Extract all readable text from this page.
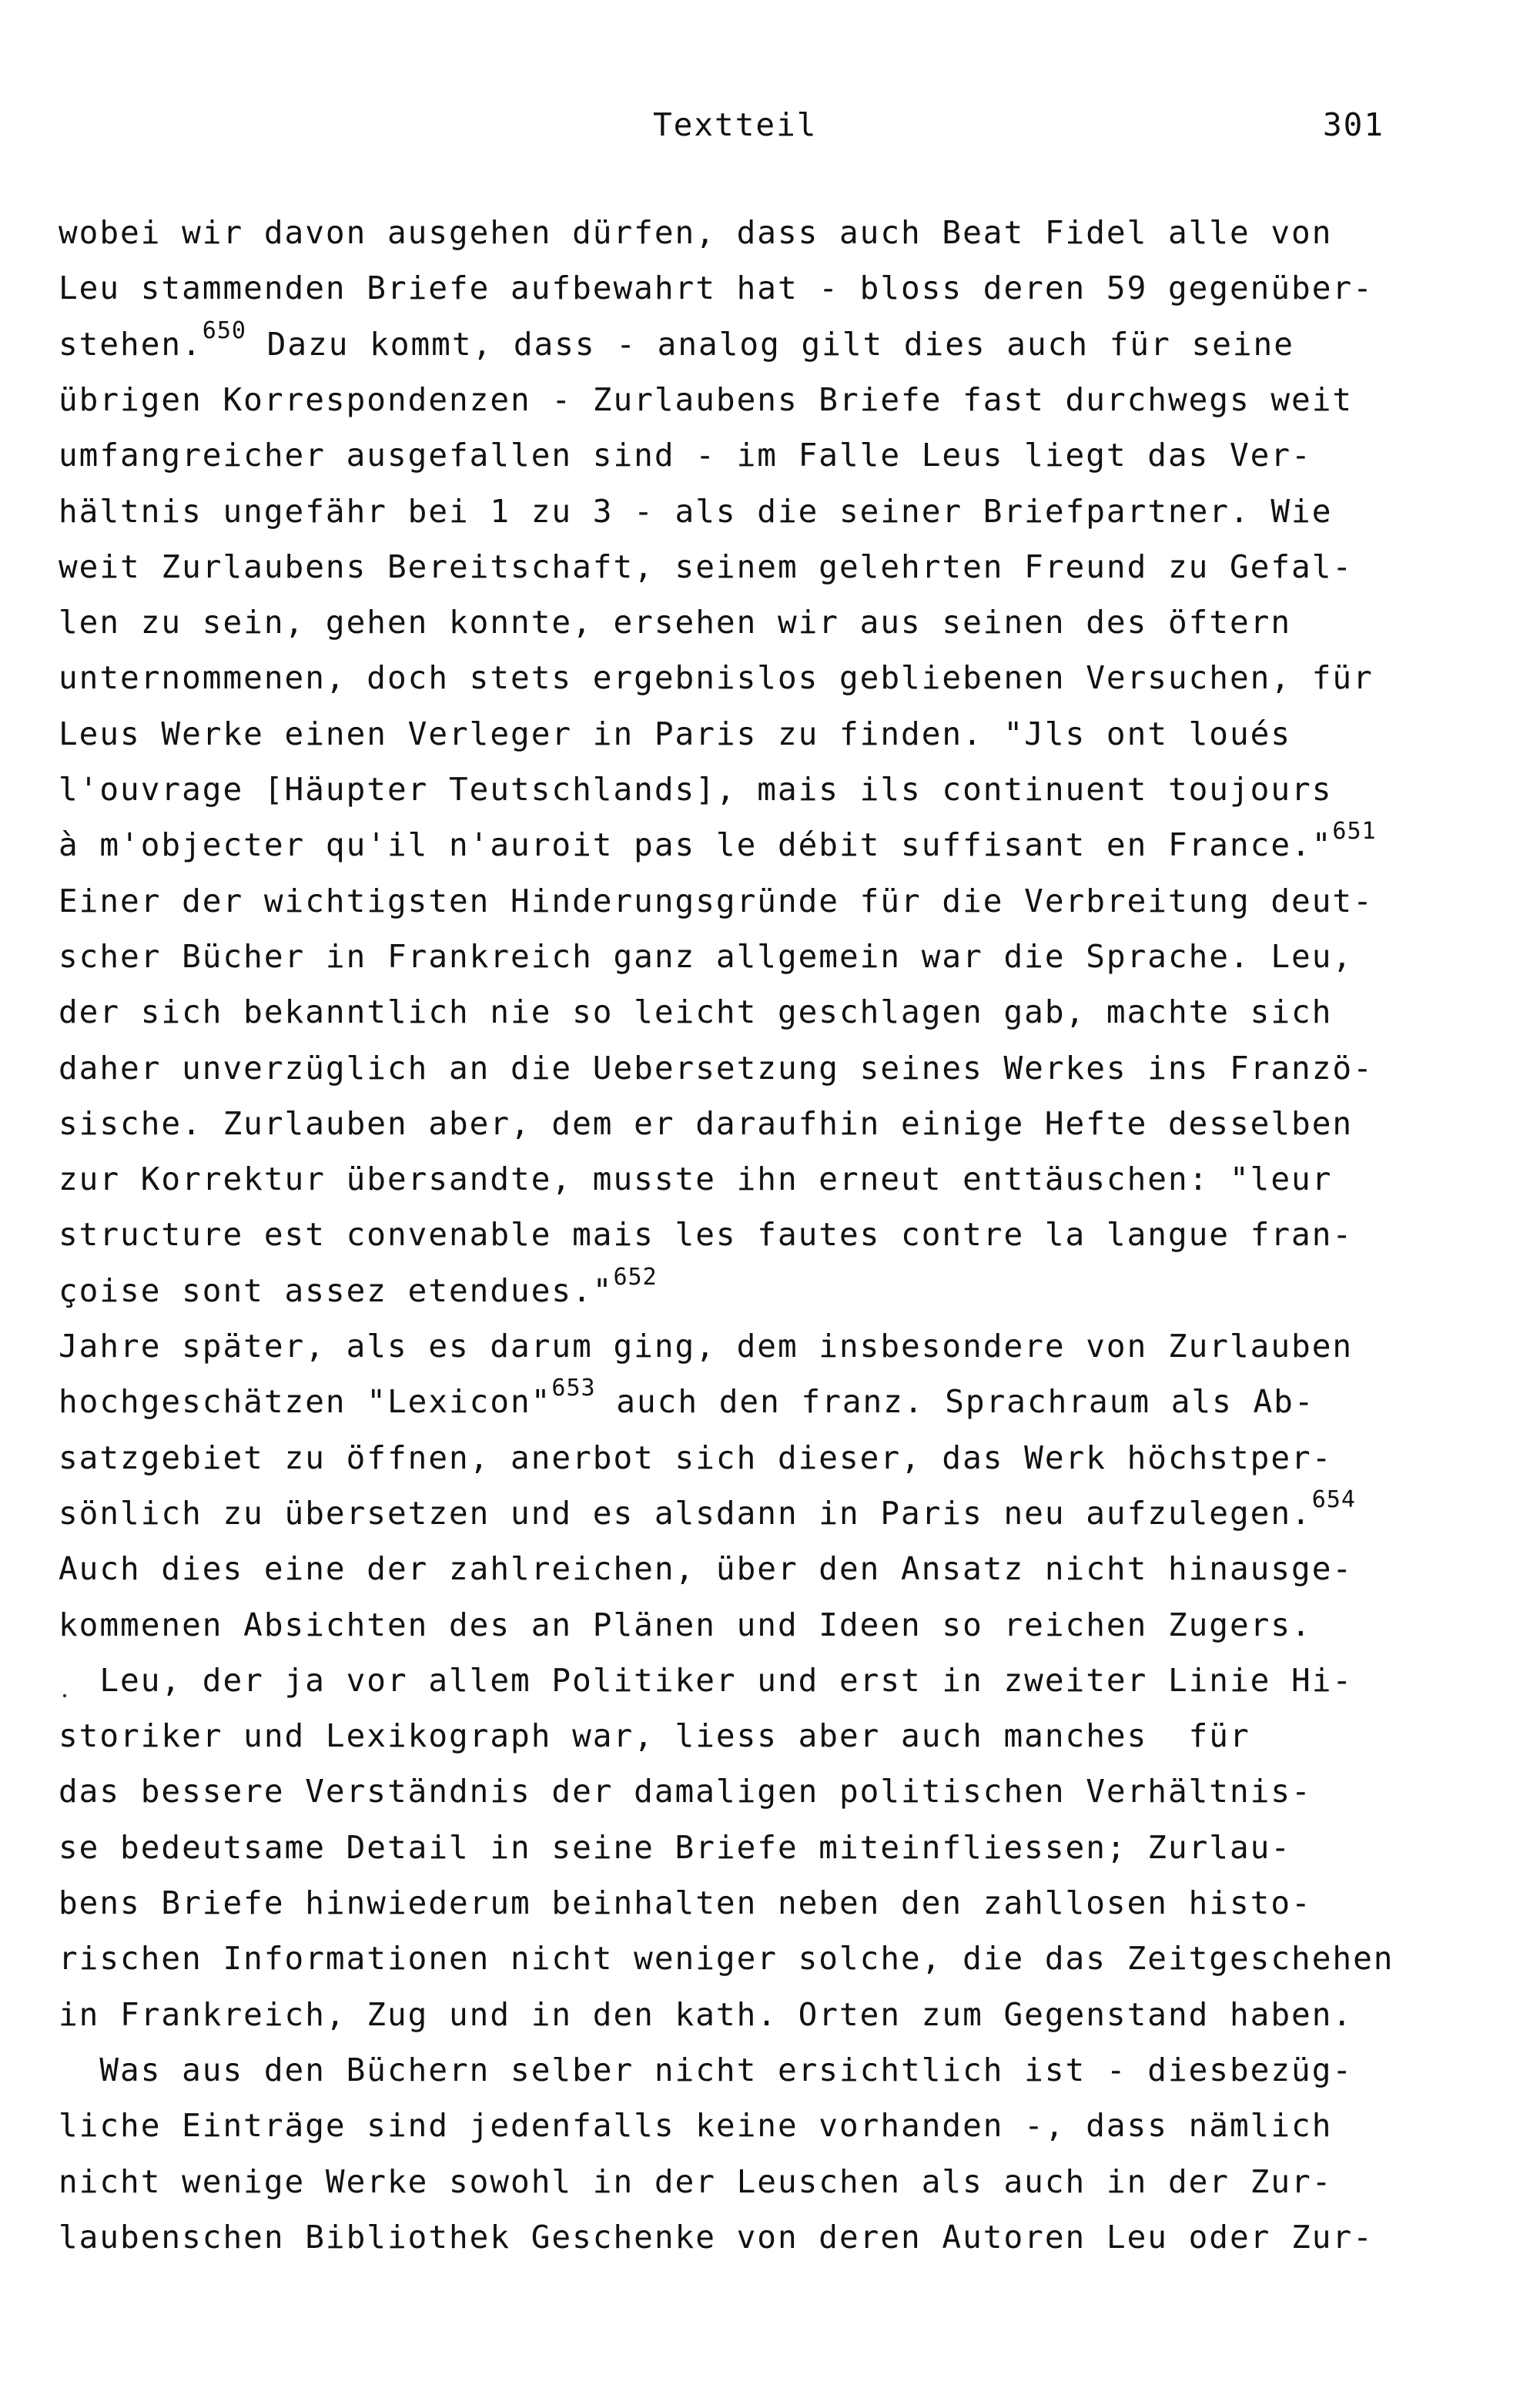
Textteil	301
wobei wir davon ausgehen dürfen, dass auch Beat Fidel alle von
Leu stammenden Briefe aufbewahrt hat - bloss deren 59 gegenüber-
stehen.$^{650}$ Dazu kommt, dass - analog gilt dies auch für seine
übrigen Korrespondenzen - Zurlaubens Briefe fast durchwegs weit
umfangreicher ausgefallen sind - im Falle Leus liegt das Ver-
hältnis ungefähr bei 1 zu 3 - als die seiner Briefpartner. Wie
weit Zurlaubens Bereitschaft, seinem gelehrten Freund zu Gefal-
len zu sein, gehen konnte, ersehen wir aus seinen des öftern
unternommenen, doch stets ergebnislos gebliebenen Versuchen, für
Leus Werke einen Verleger in Paris zu finden. "Jls ont loués
l'ouvrage [Häupter Teutschlands], mais ils continuent toujours
à m'objecter qu'il n'auroit pas le débit suffisant en France."$^{651}$
Einer der wichtigsten Hinderungsgründe für die Verbreitung deut-
scher Bücher in Frankreich ganz allgemein war die Sprache. Leu,
der sich bekanntlich nie so leicht geschlagen gab, machte sich
daher unverzüglich an die Uebersetzung seines Werkes ins Franzö-
sische. Zurlauben aber, dem er daraufhin einige Hefte desselben
zur Korrektur übersandte, musste ihn erneut enttäuschen: "leur
structure est convenable mais les fautes contre la langue fran-
çoise sont assez etendues."$^{652}$
Jahre später, als es darum ging, dem insbesondere von Zurlauben
hochgeschätzen "Lexicon"$^{653}$ auch den franz. Sprachraum als Ab-
satzgebiet zu öffnen, anerbot sich dieser, das Werk höchstper-
sönlich zu übersetzen und es alsdann in Paris neu aufzulegen.$^{654}$
Auch dies eine der zahlreichen, über den Ansatz nicht hinausge-
kommenen Absichten des an Plänen und Ideen so reichen Zugers.
Leu, der ja vor allem Politiker und erst in zweiter Linie Hi-
storiker und Lexikograph war, liess aber auch manches  für
das bessere Verständnis der damaligen politischen Verhältnis-
se bedeutsame Detail in seine Briefe miteinfliessen; Zurlau-
bens Briefe hinwiederum beinhalten neben den zahllosen histo-
rischen Informationen nicht weniger solche, die das Zeitgeschehen
in Frankreich, Zug und in den kath. Orten zum Gegenstand haben.
Was aus den Büchern selber nicht ersichtlich ist - diesbezüg-
liche Einträge sind jedenfalls keine vorhanden -, dass nämlich
nicht wenige Werke sowohl in der Leuschen als auch in der Zur-
laubenschen Bibliothek Geschenke von deren Autoren Leu oder Zur-
